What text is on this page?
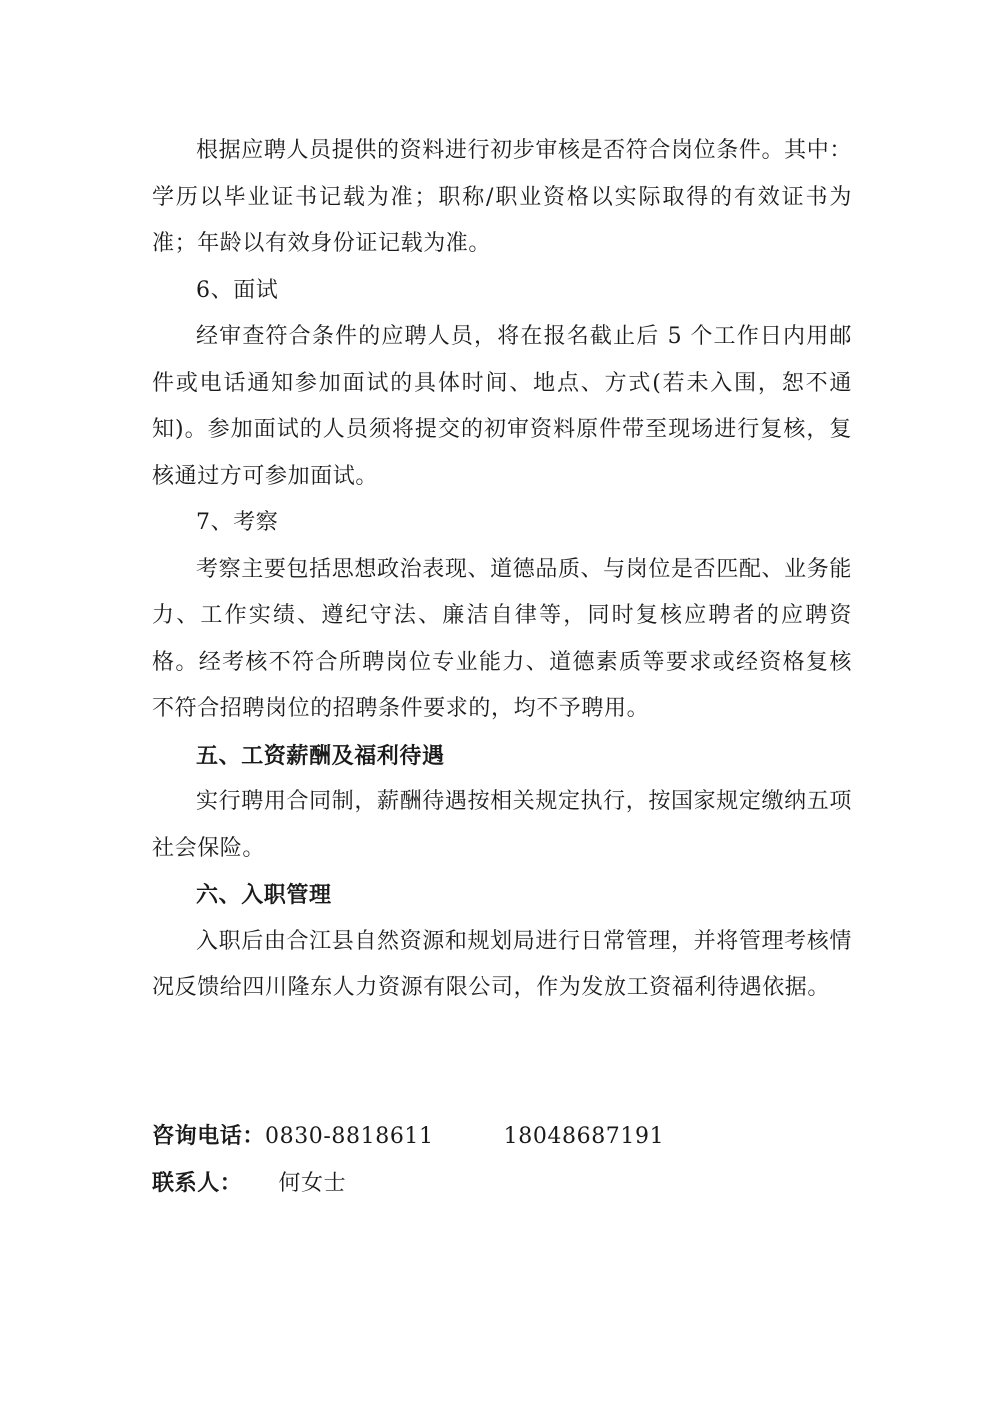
根据应聘人员提供的资料进行初步审核是否符合岗位条件。其中：学历以毕业证书记载为准；职称/职业资格以实际取得的有效证书为准；年龄以有效身份证记载为准。

6、面试

经审查符合条件的应聘人员，将在报名截止后 5 个工作日内用邮件或电话通知参加面试的具体时间、地点、方式(若未入围，恕不通知)。参加面试的人员须将提交的初审资料原件带至现场进行复核，复核通过方可参加面试。

7、考察

考察主要包括思想政治表现、道德品质、与岗位是否匹配、业务能力、工作实绩、遵纪守法、廉洁自律等，同时复核应聘者的应聘资格。经考核不符合所聘岗位专业能力、道德素质等要求或经资格复核不符合招聘岗位的招聘条件要求的，均不予聘用。

五、工资薪酬及福利待遇

实行聘用合同制，薪酬待遇按相关规定执行，按国家规定缴纳五项社会保险。

六、入职管理

入职后由合江县自然资源和规划局进行日常管理，并将管理考核情况反馈给四川隆东人力资源有限公司，作为发放工资福利待遇依据。

咨询电话：0830-8818611	18048687191
联系人： 何女士
